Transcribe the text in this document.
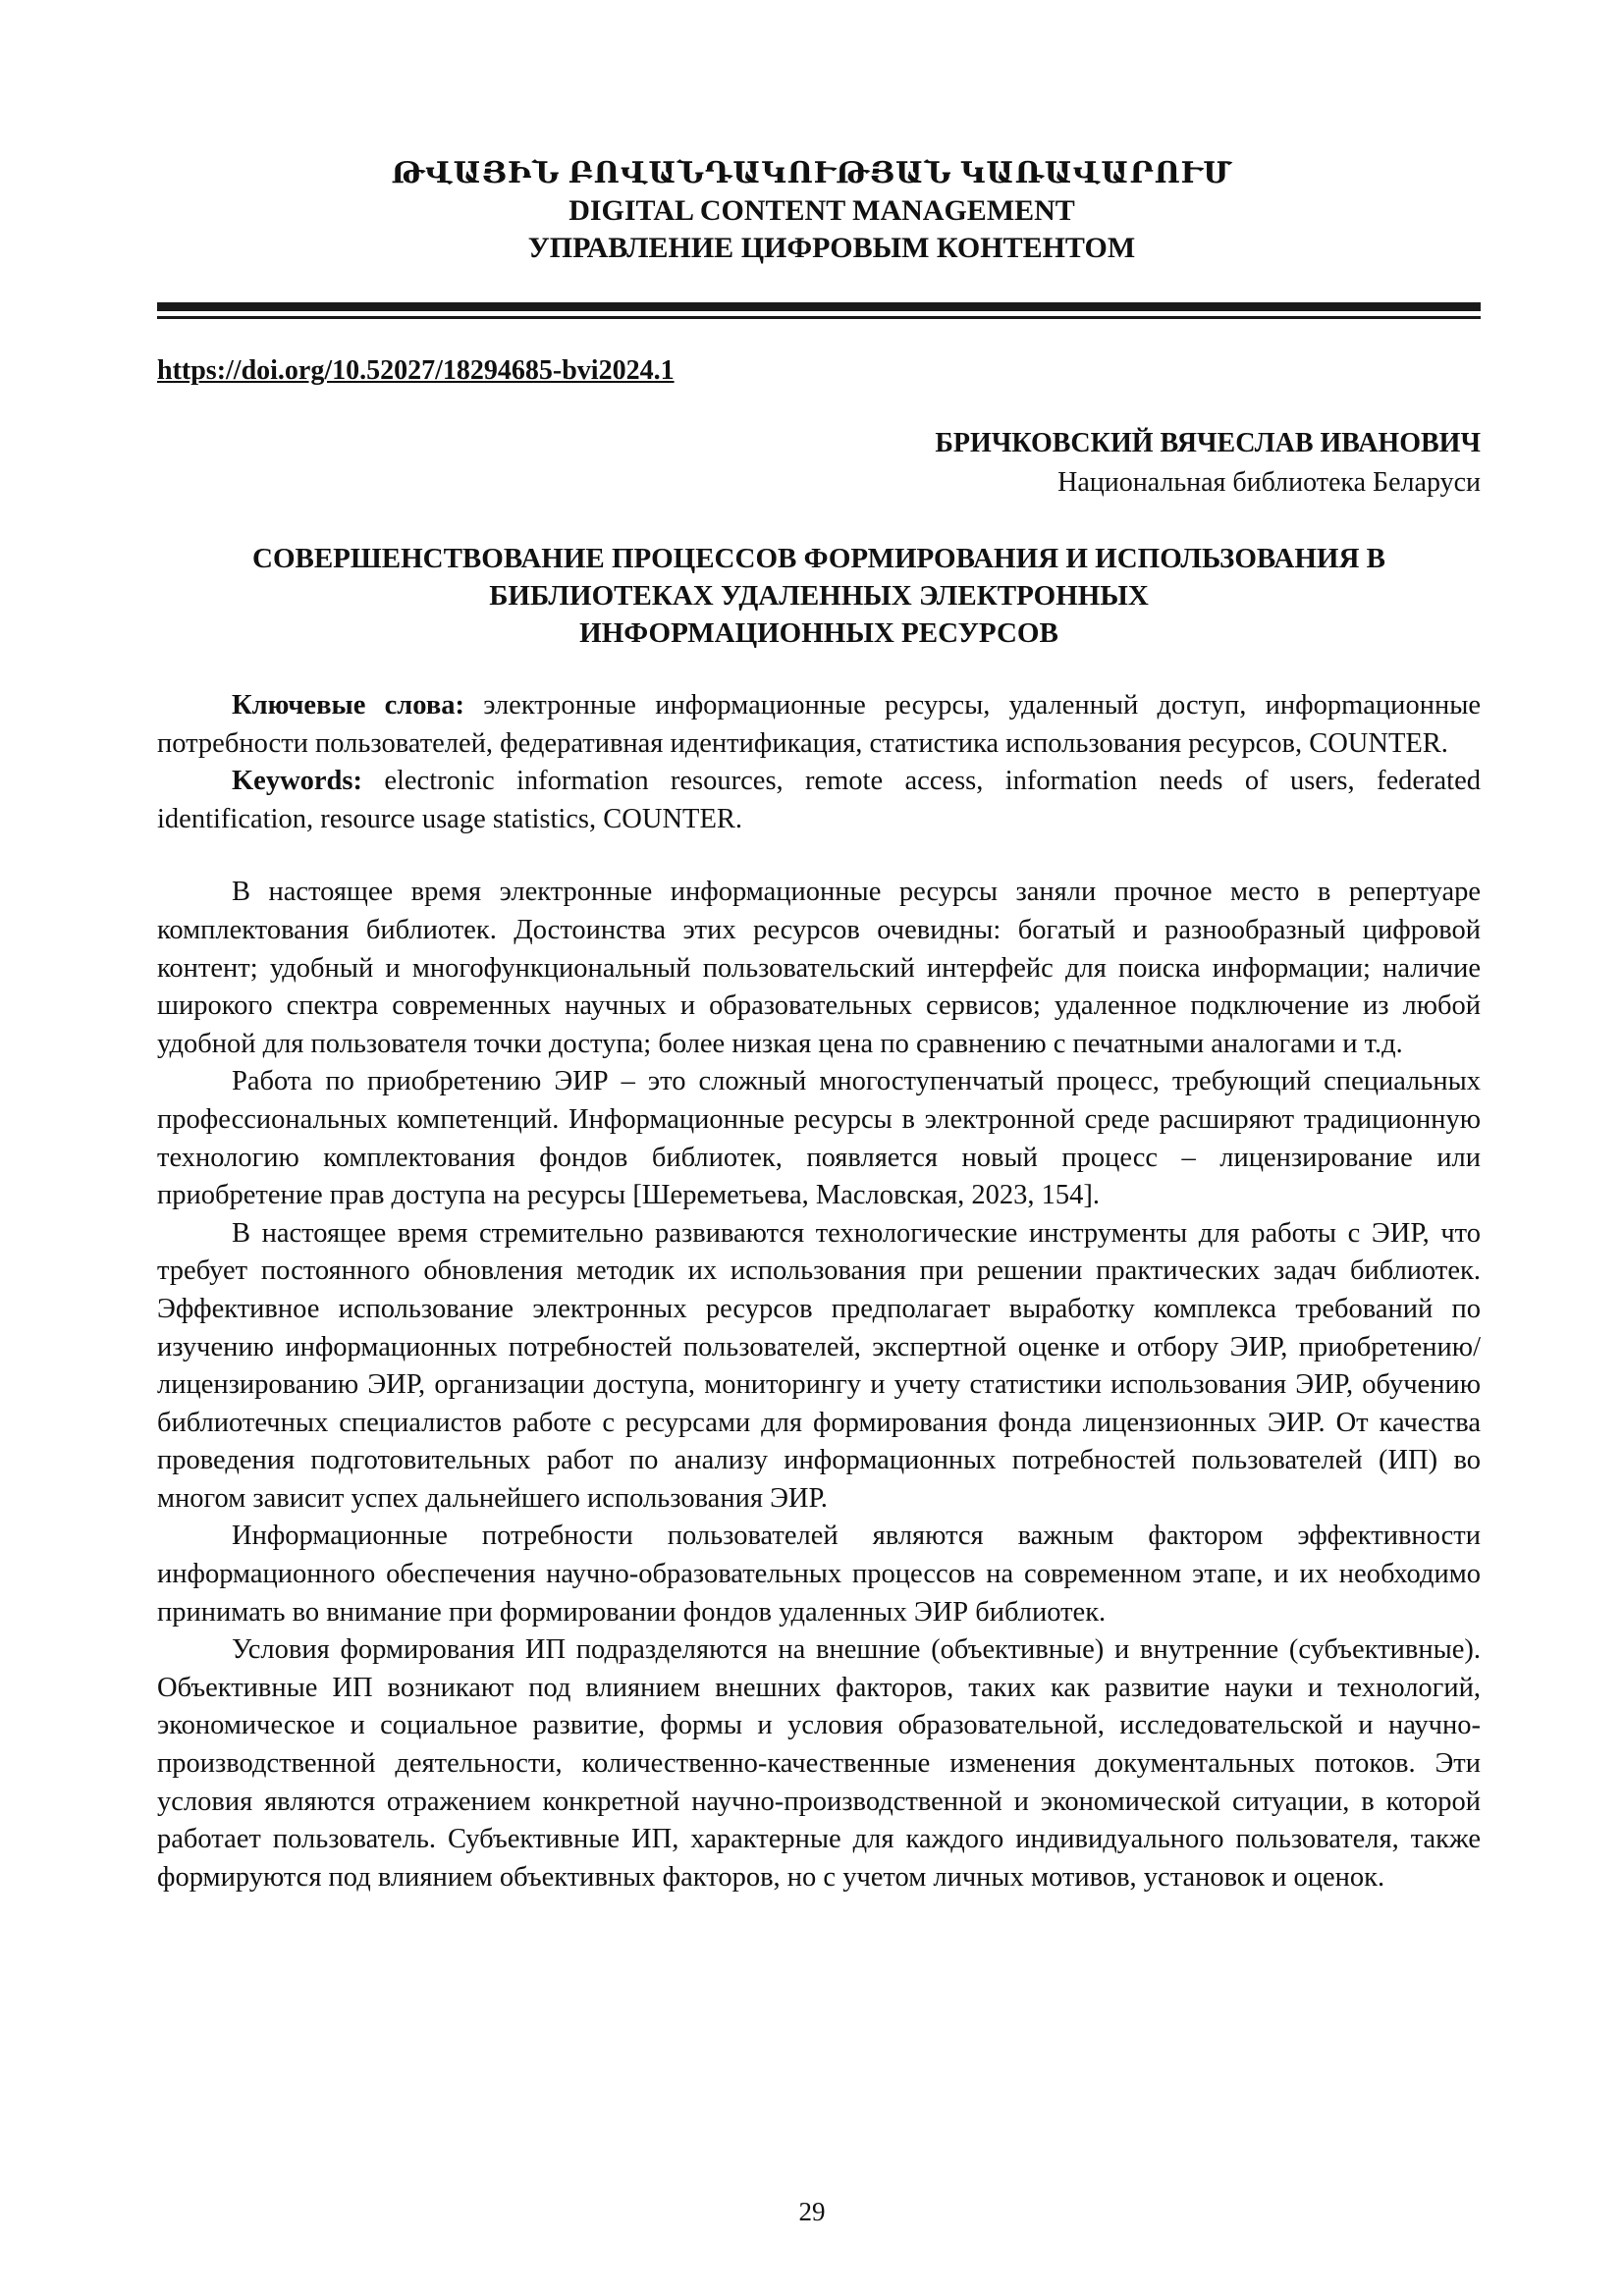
ԹՎԱՅԻՆ ԲՈՎԱՆԴԱԿՈՒԹՅԱՆ ԿԱՌԱՎԱՐՈՒՄ
DIGITAL CONTENT MANAGEMENT
УПРАВЛЕНИЕ ЦИФРОВЫМ КОНТЕНТОМ
https://doi.org/10.52027/18294685-bvi2024.1
БРИЧКОВСКИЙ ВЯЧЕСЛАВ ИВАНОВИЧ
Национальная библиотека Беларуси
СОВЕРШЕНСТВОВАНИЕ ПРОЦЕССОВ ФОРМИРОВАНИЯ И ИСПОЛЬЗОВАНИЯ В
БИБЛИОТЕКАХ УДАЛЕННЫХ ЭЛЕКТРОННЫХ
ИНФОРМАЦИОННЫХ РЕСУРСОВ

Ключевые слова: электронные информационные ресурсы, удаленный доступ, инфорmационные потребности пользователей, федеративная идентификация, статистика использования ресурсов, COUNTER.

Keywords: electronic information resources, remote access, information needs of users, federated identification, resource usage statistics, COUNTER.

В настоящее время электронные информационные ресурсы заняли прочное место в репертуаре комплектования библиотек. Достоинства этих ресурсов очевидны: богатый и разнообразный цифровой контент; удобный и многофункциональный пользовательский интерфейс для поиска информации; наличие широкого спектра современных научных и образовательных сервисов; удаленное подключение из любой удобной для пользователя точки доступа; более низкая цена по сравнению с печатными аналогами и т.д.

Работа по приобретению ЭИР – это сложный многоступенчатый процесс, требующий специальных профессиональных компетенций. Информационные ресурсы в электронной среде расширяют традиционную технологию комплектования фондов библиотек, появляется новый процесс – лицензирование или приобретение прав доступа на ресурсы [Шереметьева, Масловская, 2023, 154].

В настоящее время стремительно развиваются технологические инструменты для работы с ЭИР, что требует постоянного обновления методик их использования при решении практических задач библиотек. Эффективное использование электронных ресурсов предполагает выработку комплекса требований по изучению информационных потребностей пользователей, экспертной оценке и отбору ЭИР, приобретению/лицензированию ЭИР, организации доступа, мониторингу и учету статистики использования ЭИР, обучению библиотечных специалистов работе с ресурсами для формирования фонда лицензионных ЭИР. От качества проведения подготовительных работ по анализу информационных потребностей пользователей (ИП) во многом зависит успех дальнейшего использования ЭИР.

Информационные потребности пользователей являются важным фактором эффективности информационного обеспечения научно-образовательных процессов на современном этапе, и их необходимо принимать во внимание при формировании фондов удаленных ЭИР библиотек.

Условия формирования ИП подразделяются на внешние (объективные) и внутренние (субъективные). Объективные ИП возникают под влиянием внешних факторов, таких как развитие науки и технологий, экономическое и социальное развитие, формы и условия образовательной, исследовательской и научно-производственной деятельности, количественно-качественные изменения документальных потоков. Эти условия являются отражением конкретной научно-производственной и экономической ситуации, в которой работает пользователь. Субъективные ИП, характерные для каждого индивидуального пользователя, также формируются под влиянием объективных факторов, но с учетом личных мотивов, установок и оценок.

29
